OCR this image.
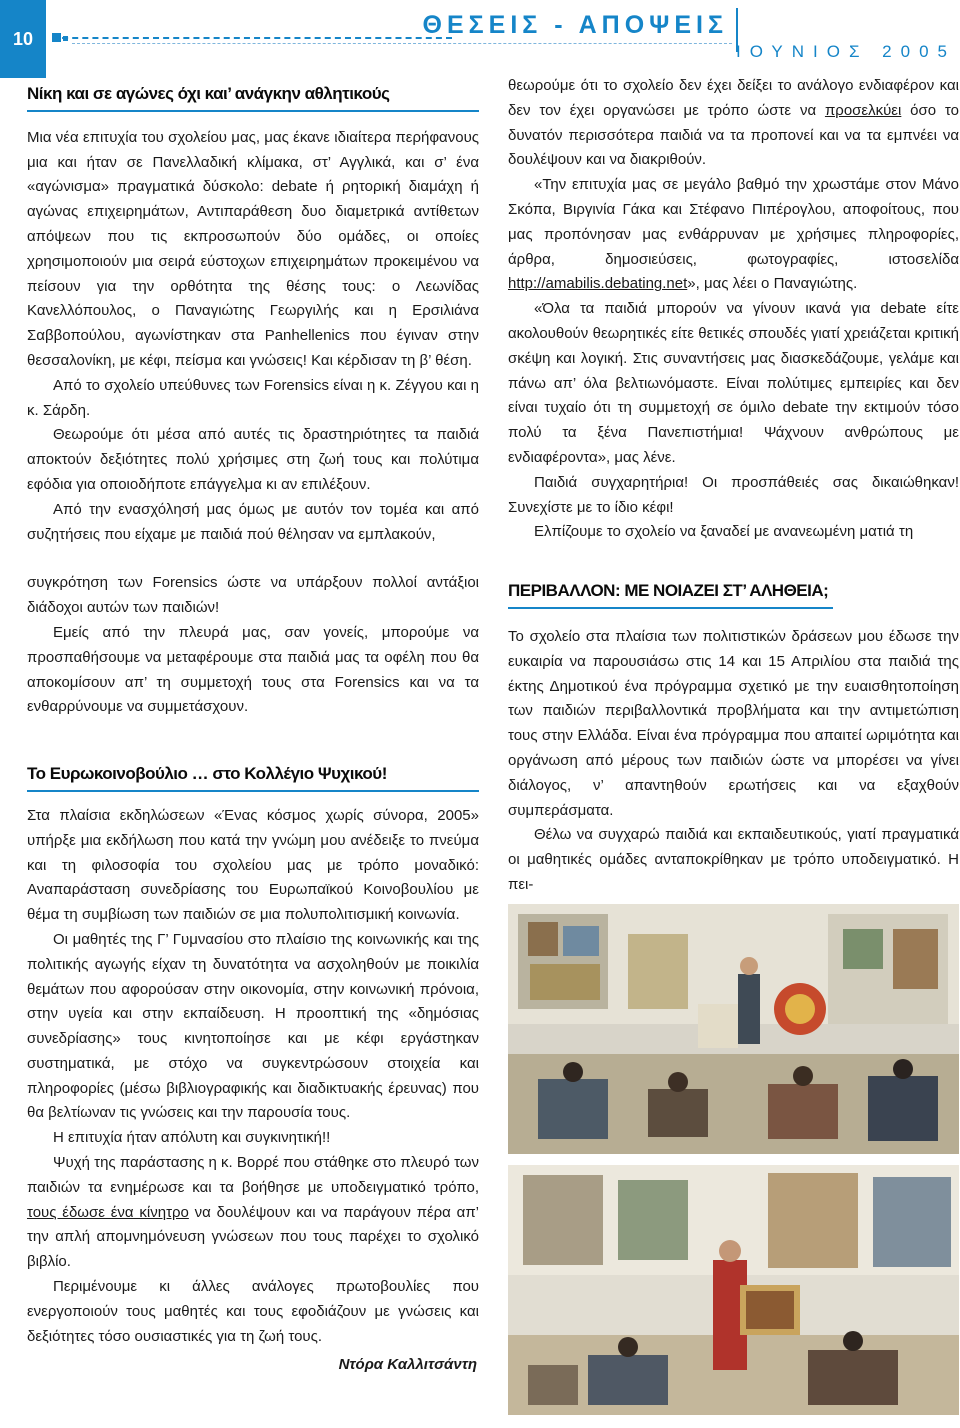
10	ΘΕΣΕΙΣ - ΑΠΟΨΕΙΣ
ΙΟΥΝΙΟΣ 2005
Νίκη και σε αγώνες όχι και’ ανάγκην αθλητικούς

Μια νέα επιτυχία του σχολείου μας, μας έκανε ιδιαίτερα περήφανους μια και ήταν σε Πανελλαδική κλίμακα, στ’ Αγγλικά, και σ’ ένα «αγώνισμα» πραγματικά δύσκολο: debate ή ρητορική διαμάχη ή αγώνας επιχειρημάτων, Αντιπαράθεση δυο διαμετρικά αντίθετων απόψεων που τις εκπροσωπούν δύο ομάδες, οι οποίες χρησιμοποιούν μια σειρά εύστοχων επιχειρημάτων προκειμένου να πείσουν για την ορθότητα της θέσης τους: ο Λεωνίδας Κανελλόπουλος, ο Παναγιώτης Γεωργιλής και η Ερσιλιάνα Σαββοπούλου, αγωνίστηκαν στα Panhellenics που έγιναν στην θεσσαλονίκη, με κέφι, πείσμα και γνώσεις! Και κέρδισαν τη β’ θέση.

Από το σχολείο υπεύθυνες των Forensics είναι η κ. Ζέγγου και η κ. Σάρδη.

Θεωρούμε ότι μέσα από αυτές τις δραστηριότητες τα παιδιά αποκτούν δεξιότητες πολύ χρήσιμες στη ζωή τους και πολύτιμα εφόδια για οποιοδήποτε επάγγελμα κι αν επιλέξουν.

Από την ενασχόλησή μας όμως με αυτόν τον τομέα και από συζητήσεις που είχαμε με παιδιά πού θέλησαν να εμπλακούν,

συγκρότηση των Forensics ώστε να υπάρξουν πολλοί αντάξιοι διάδοχοι αυτών των παιδιών!

Εμείς από την πλευρά μας, σαν γονείς, μπορούμε να προσπαθήσουμε να μεταφέρουμε στα παιδιά μας τα οφέλη που θα αποκομίσουν απ’ τη συμμετοχή τους στα Forensics και να τα ενθαρρύνουμε να συμμετάσχουν.

Το Ευρωκοινοβούλιο … στο Κολλέγιο Ψυχικού!

Στα πλαίσια εκδηλώσεων «Ένας κόσμος χωρίς σύνορα, 2005» υπήρξε μια εκδήλωση που κατά την γνώμη μου ανέδειξε το πνεύμα και τη φιλοσοφία του σχολείου μας με τρόπο μοναδικό: Αναπαράσταση συνεδρίασης του Ευρωπαϊκού Κοινοβουλίου με θέμα τη συμβίωση των παιδιών σε μια πολυπολιτισμική κοινωνία.

Οι μαθητές της Γ’ Γυμνασίου στο πλαίσιο της κοινωνικής και της πολιτικής αγωγής είχαν τη δυνατότητα να ασχοληθούν με ποικιλία θεμάτων που αφορούσαν στην οικονομία, στην κοινωνική πρόνοια, στην υγεία και στην εκπαίδευση. Η προοπτική της «δημόσιας συνεδρίασης» τους κινητοποίησε και με κέφι εργάστηκαν συστηματικά, με στόχο να συγκεντρώσουν στοιχεία και πληροφορίες (μέσω βιβλιογραφικής και διαδικτυακής έρευνας) που θα βελτίωναν τις γνώσεις και την παρουσία τους.

Η επιτυχία ήταν απόλυτη και συγκινητική!!

Ψυχή της παράστασης η κ. Βορρέ που στάθηκε στο πλευρό των παιδιών τα ενημέρωσε και τα βοήθησε με υποδειγματικό τρόπο, τους έδωσε ένα κίνητρο να δουλέψουν και να παράγουν πέρα απ’ την απλή απομνημόνευση γνώσεων που τους παρέχει το σχολικό βιβλίο.

Περιμένουμε κι άλλες ανάλογες πρωτοβουλίες που ενεργοποιούν τους μαθητές και τους εφοδιάζουν με γνώσεις και δεξιότητες τόσο ουσιαστικές για τη ζωή τους.

Ντόρα Καλλιτσάντη

θεωρούμε ότι το σχολείο δεν έχει δείξει το ανάλογο ενδιαφέρον και δεν τον έχει οργανώσει με τρόπο ώστε να προσελκύει όσο το δυνατόν περισσότερα παιδιά να τα προπονεί και να τα εμπνέει να δουλέψουν και να διακριθούν.

«Την επιτυχία μας σε μεγάλο βαθμό την χρωστάμε στον Μάνο Σκόπα, Βιργινία Γάκα και Στέφανο Πιπέρογλου, αποφοίτους, που μας προπόνησαν μας ενθάρρυναν με χρήσιμες πληροφορίες, άρθρα, δημοσιεύσεις, φωτογραφίες, ιστοσελίδα http://amabilis.debating.net», μας λέει ο Παναγιώτης.

«Όλα τα παιδιά μπορούν να γίνουν ικανά για debate είτε ακολουθούν θεωρητικές είτε θετικές σπουδές γιατί χρειάζεται κριτική σκέψη και λογική. Στις συναντήσεις μας διασκεδάζουμε, γελάμε και πάνω απ’ όλα βελτιωνόμαστε. Είναι πολύτιμες εμπειρίες και δεν είναι τυχαίο ότι τη συμμετοχή σε όμιλο debate την εκτιμούν τόσο πολύ τα ξένα Πανεπιστήμια! Ψάχνουν ανθρώπους με ενδιαφέροντα», μας λένε.

Παιδιά συγχαρητήρια! Οι προσπάθειές σας δικαιώθηκαν! Συνεχίστε με το ίδιο κέφι!

Ελπίζουμε το σχολείο να ξαναδεί με ανανεωμένη ματιά τη

ΠΕΡΙΒΑΛΛΟΝ: ΜΕ ΝΟΙΑΖΕΙ ΣΤ’ ΑΛΗΘΕΙΑ;

Το σχολείο στα πλαίσια των πολιτιστικών δράσεων μου έδωσε την ευκαιρία να παρουσιάσω στις 14 και 15 Απριλίου στα παιδιά της έκτης Δημοτικού ένα πρόγραμμα σχετικό με την ευαισθητοποίηση των παιδιών περιβαλλοντικά προβλήματα και την αντιμετώπιση τους στην Ελλάδα. Είναι ένα πρόγραμμα που απαιτεί ωριμότητα και οργάνωση από μέρους των παιδιών ώστε να μπορέσει να γίνει διάλογος, ν’ απαντηθούν ερωτήσεις και να εξαχθούν συμπεράσματα.

Θέλω να συγχαρώ παιδιά και εκπαιδευτικούς, γιατί πραγματικά οι μαθητικές ομάδες ανταποκρίθηκαν με τρόπο υποδειγματικό. Η πει-
